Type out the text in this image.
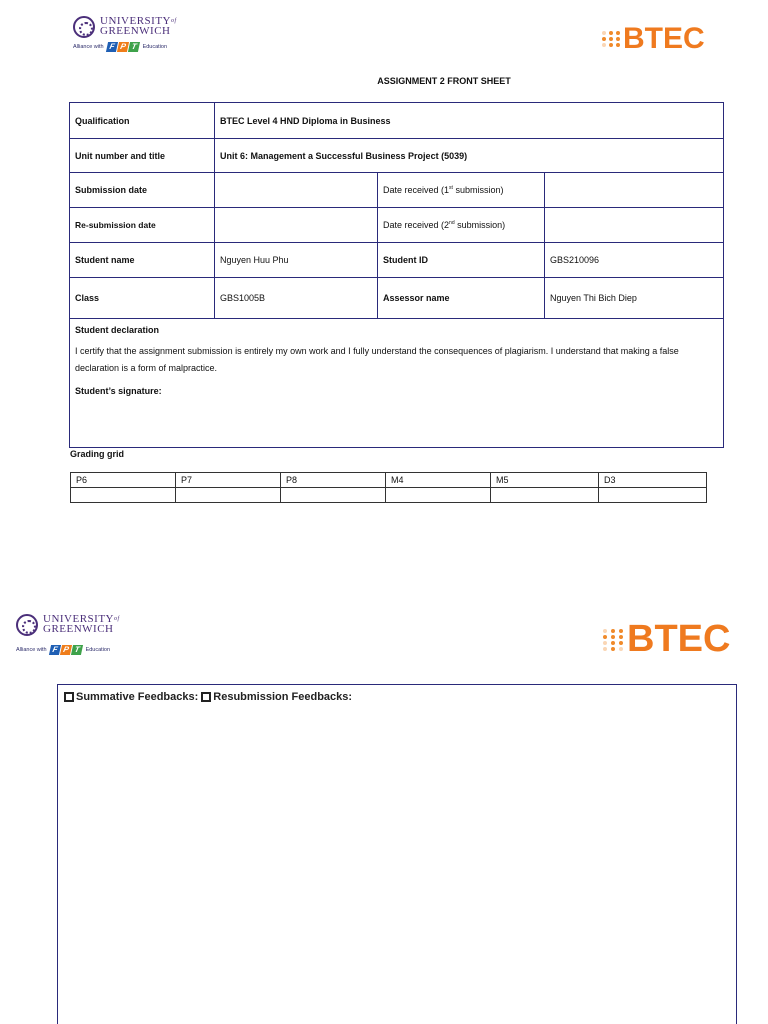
$UNIVERSITY^{of}$
GREENWICH
Alliance with F P T Education	BTEC
ASSIGNMENT 2 FRONT SHEET
Qualification	BTEC Level 4 HND Diploma in Business		
Unit number and title	Unit 6: Management a Successful Business Project (5039)		
Submission date		Date received (1st submission)	
Re-submission date		Date received (2nd submission)	
Student name	Nguyen Huu Phu	Student ID	GBS210096
Class	GBS1005B	Assessor name	Nguyen Thi Bich Diep

Student declaration
I certify that the assignment submission is entirely my own work and I fully understand the consequences of plagiarism. I understand that making a false declaration is a form of malpractice.
Student’s signature:			
Grading grid
P6	P7	P8	M4	M5	D3

$UNIVERSITY^{of}$
GREENWICH
Alliance with F P T Education	BTEC
Summative Feedbacks: Resubmission Feedbacks:
